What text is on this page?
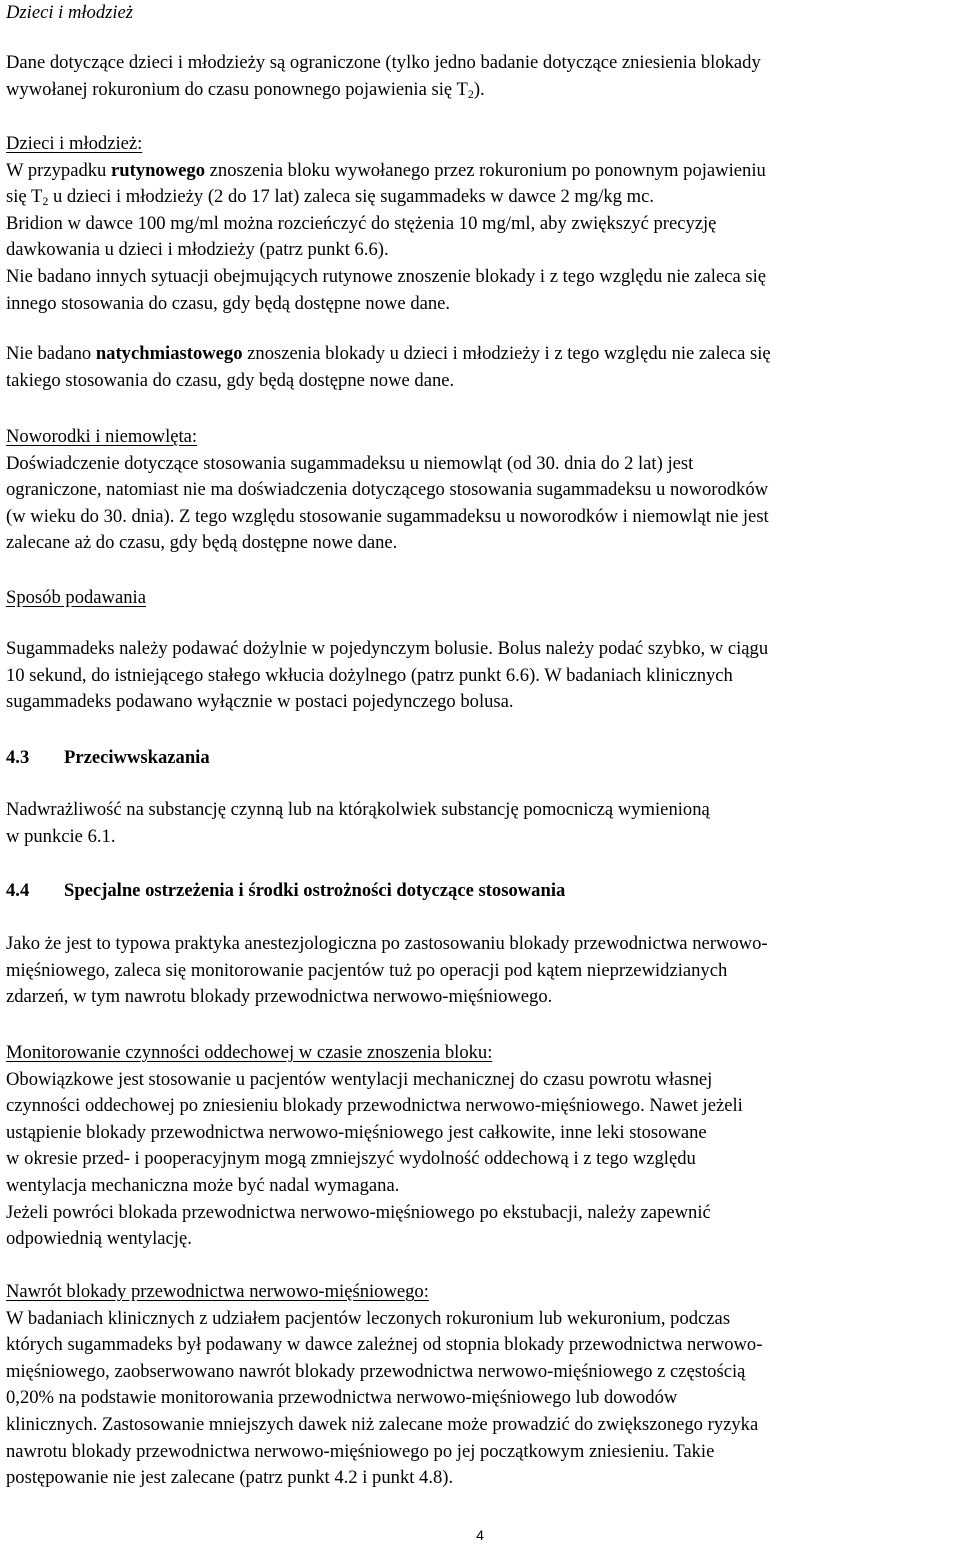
Dzieci i młodzież
Dane dotyczące dzieci i młodzieży są ograniczone (tylko jedno badanie dotyczące zniesienia blokady
wywołanej rokuronium do czasu ponownego pojawienia się $T_2$).
Dzieci i młodzież:
W przypadku rutynowego znoszenia bloku wywołanego przez rokuronium po ponownym pojawieniu
się $T_2$ u dzieci i młodzieży (2 do 17 lat) zaleca się sugammadeks w dawce 2 mg/kg mc.
Bridion w dawce 100 mg/ml można rozcieńczyć do stężenia 10 mg/ml, aby zwiększyć precyzję
dawkowania u dzieci i młodzieży (patrz punkt 6.6).
Nie badano innych sytuacji obejmujących rutynowe znoszenie blokady i z tego względu nie zaleca się
innego stosowania do czasu, gdy będą dostępne nowe dane.
Nie badano natychmiastowego znoszenia blokady u dzieci i młodzieży i z tego względu nie zaleca się
takiego stosowania do czasu, gdy będą dostępne nowe dane.
Noworodki i niemowlęta:
Doświadczenie dotyczące stosowania sugammadeksu u niemowląt (od 30. dnia do 2 lat) jest
ograniczone, natomiast nie ma doświadczenia dotyczącego stosowania sugammadeksu u noworodków
(w wieku do 30. dnia). Z tego względu stosowanie sugammadeksu u noworodków i niemowląt nie jest
zalecane aż do czasu, gdy będą dostępne nowe dane.
Sposób podawania
Sugammadeks należy podawać dożylnie w pojedynczym bolusie. Bolus należy podać szybko, w ciągu
10 sekund, do istniejącego stałego wkłucia dożylnego (patrz punkt 6.6). W badaniach klinicznych
sugammadeks podawano wyłącznie w postaci pojedynczego bolusa.
4.3 Przeciwwskazania
Nadwrażliwość na substancję czynną lub na którąkolwiek substancję pomocniczą wymienioną
w punkcie 6.1.
4.4 Specjalne ostrzeżenia i środki ostrożności dotyczące stosowania
Jako że jest to typowa praktyka anestezjologiczna po zastosowaniu blokady przewodnictwa nerwowo-
mięśniowego, zaleca się monitorowanie pacjentów tuż po operacji pod kątem nieprzewidzianych
zdarzeń, w tym nawrotu blokady przewodnictwa nerwowo-mięśniowego.
Monitorowanie czynności oddechowej w czasie znoszenia bloku:
Obowiązkowe jest stosowanie u pacjentów wentylacji mechanicznej do czasu powrotu własnej
czynności oddechowej po zniesieniu blokady przewodnictwa nerwowo-mięśniowego. Nawet jeżeli
ustąpienie blokady przewodnictwa nerwowo-mięśniowego jest całkowite, inne leki stosowane
w okresie przed- i pooperacyjnym mogą zmniejszyć wydolność oddechową i z tego względu
wentylacja mechaniczna może być nadal wymagana.
Jeżeli powróci blokada przewodnictwa nerwowo-mięśniowego po ekstubacji, należy zapewnić
odpowiednią wentylację.
Nawrót blokady przewodnictwa nerwowo-mięśniowego:
W badaniach klinicznych z udziałem pacjentów leczonych rokuronium lub wekuronium, podczas
których sugammadeks był podawany w dawce zależnej od stopnia blokady przewodnictwa nerwowo-
mięśniowego, zaobserwowano nawrót blokady przewodnictwa nerwowo-mięśniowego z częstością
0,20% na podstawie monitorowania przewodnictwa nerwowo-mięśniowego lub dowodów
klinicznych. Zastosowanie mniejszych dawek niż zalecane może prowadzić do zwiększonego ryzyka
nawrotu blokady przewodnictwa nerwowo-mięśniowego po jej początkowym zniesieniu. Takie
postępowanie nie jest zalecane (patrz punkt 4.2 i punkt 4.8).
4
